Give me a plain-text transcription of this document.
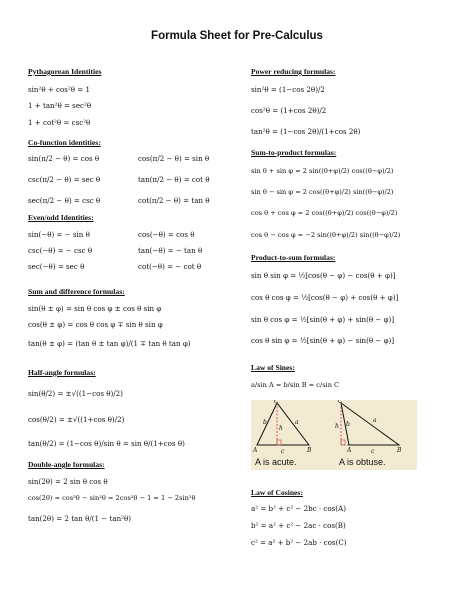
Formula Sheet for Pre-Calculus
Pythagorean Identities
sin²θ + cos²θ = 1
1 + tan²θ = sec²θ
1 + cot²θ = csc²θ
Co-function identities:
sin(π/2 − θ) = cos θ	cos(π/2 − θ) = sin θ
csc(π/2 − θ) = sec θ	tan(π/2 − θ) = cot θ
sec(π/2 − θ) = csc θ	cot(π/2 − θ) = tan θ
Even/odd Identities:
sin(−θ) = − sin θ	cos(−θ) = cos θ
csc(−θ) = − csc θ	tan(−θ) = − tan θ
sec(−θ) = sec θ	cot(−θ) = − cot θ
Sum and difference formulas:
sin(θ ± φ) = sin θ cos φ ± cos θ sin φ
cos(θ ± φ) = cos θ cos φ ∓ sin θ sin φ
tan(θ ± φ) = (tan θ ± tan φ)/(1 ∓ tan θ tan φ)
Half-angle formulas:
sin(θ/2) = ±√((1−cos θ)/2)
cos(θ/2) = ±√((1+cos θ)/2)
tan(θ/2) = (1−cos θ)/sin θ = sin θ/(1+cos θ)
Double-angle formulas:
sin(2θ) = 2 sin θ cos θ
cos(2θ) = cos²θ − sin²θ = 2cos²θ − 1 = 1 − 2sin²θ
tan(2θ) = 2 tan θ/(1 − tan²θ)
Power reducing formulas:
sin²θ = (1−cos 2θ)/2
cos²θ = (1+cos 2θ)/2
tan²θ = (1−cos 2θ)/(1+cos 2θ)
Sum-to-product formulas:
sin θ + sin φ = 2 sin((θ+φ)/2) cos((θ−φ)/2)
sin θ − sin φ = 2 cos((θ+φ)/2) sin((θ−φ)/2)
cos θ + cos φ = 2 cos((θ+φ)/2) cos((θ−φ)/2)
cos θ − cos φ = −2 sin((θ+φ)/2) sin((θ−φ)/2)
Product-to-sum formulas:
sin θ sin φ = ½[cos(θ − φ) − cos(θ + φ)]
cos θ cos φ = ½[cos(θ − φ) + cos(θ + φ)]
sin θ cos φ = ½[sin(θ + φ) + sin(θ − φ)]
cos θ sin φ = ½[sin(θ + φ) − sin(θ − φ)]
Law of Sines:
a/sin A = b/sin B = c/sin C
C
A	B
b	a
h
c
C
A	B
h b
a
c
A is acute.	A is obtuse.
Law of Cosines:
a² = b² + c² − 2bc · cos(A)
b² = a² + c² − 2ac · cos(B)
c² = a² + b² − 2ab · cos(C)
